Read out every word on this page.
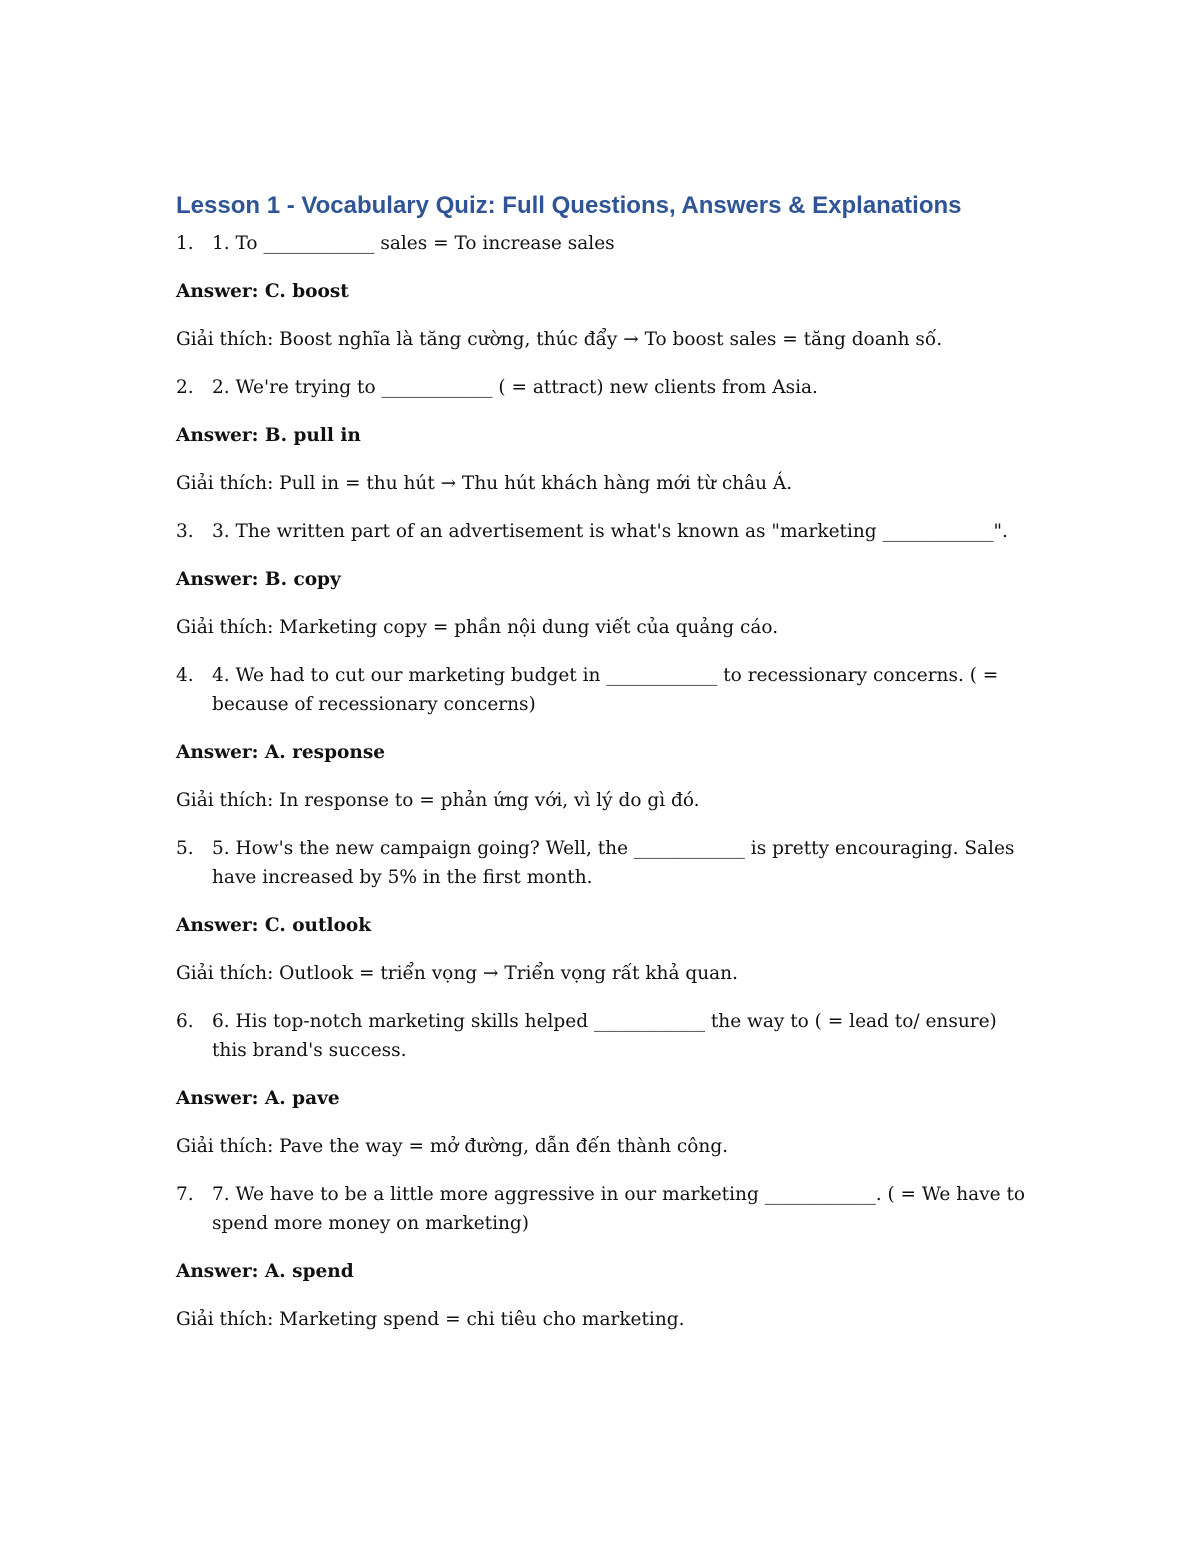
Lesson 1 - Vocabulary Quiz: Full Questions, Answers & Explanations
1. 1. To ____________ sales = To increase sales
Answer: C. boost
Giải thích: Boost nghĩa là tăng cường, thúc đẩy → To boost sales = tăng doanh số.
2. 2. We're trying to ____________ ( = attract) new clients from Asia.
Answer: B. pull in
Giải thích: Pull in = thu hút → Thu hút khách hàng mới từ châu Á.
3. 3. The written part of an advertisement is what's known as "marketing ____________".
Answer: B. copy
Giải thích: Marketing copy = phần nội dung viết của quảng cáo.
4. 4. We had to cut our marketing budget in ____________ to recessionary concerns. ( = because of recessionary concerns)
Answer: A. response
Giải thích: In response to = phản ứng với, vì lý do gì đó.
5. 5. How's the new campaign going? Well, the ____________ is pretty encouraging. Sales have increased by 5% in the first month.
Answer: C. outlook
Giải thích: Outlook = triển vọng → Triển vọng rất khả quan.
6. 6. His top-notch marketing skills helped ____________ the way to ( = lead to/ ensure) this brand's success.
Answer: A. pave
Giải thích: Pave the way = mở đường, dẫn đến thành công.
7. 7. We have to be a little more aggressive in our marketing ____________. ( = We have to spend more money on marketing)
Answer: A. spend
Giải thích: Marketing spend = chi tiêu cho marketing.
